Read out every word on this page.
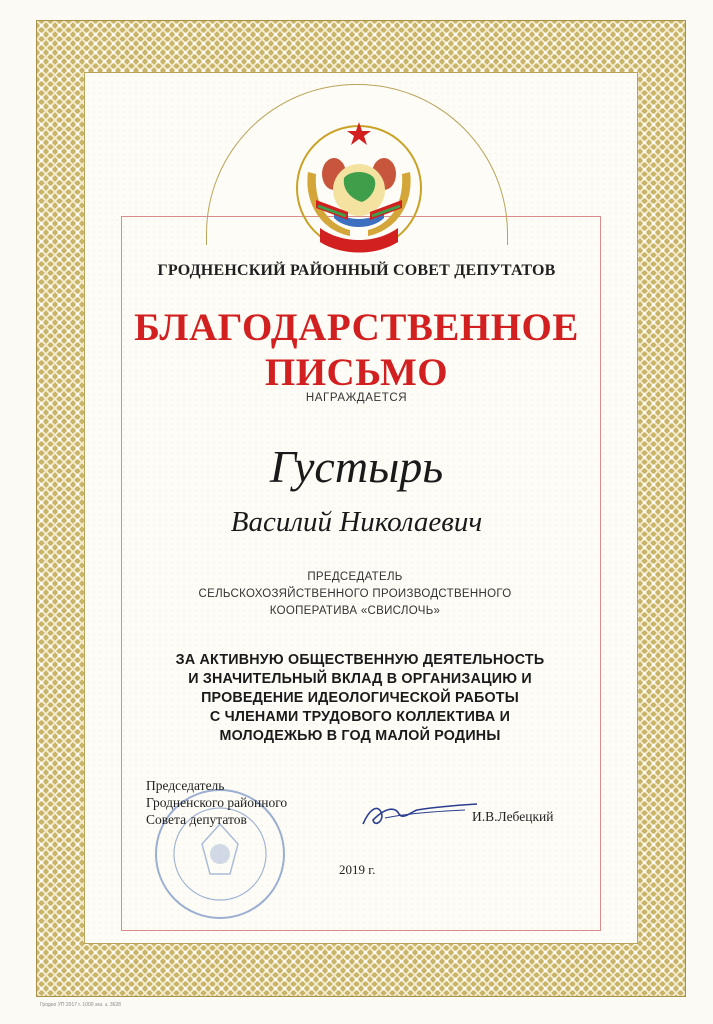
ГРОДНЕНСКИЙ РАЙОННЫЙ СОВЕТ ДЕПУТАТОВ
БЛАГОДАРСТВЕННОЕ
ПИСЬМО
НАГРАЖДАЕТСЯ
Густырь
Василий Николаевич
ПРЕДСЕДАТЕЛЬ
СЕЛЬСКОХОЗЯЙСТВЕННОГО ПРОИЗВОДСТВЕННОГО
КООПЕРАТИВА «СВИСЛОЧЬ»
ЗА АКТИВНУЮ ОБЩЕСТВЕННУЮ ДЕЯТЕЛЬНОСТЬ
И ЗНАЧИТЕЛЬНЫЙ ВКЛАД В ОРГАНИЗАЦИЮ И
ПРОВЕДЕНИЕ ИДЕОЛОГИЧЕСКОЙ РАБОТЫ
С ЧЛЕНАМИ ТРУДОВОГО КОЛЛЕКТИВА И
МОЛОДЕЖЬЮ В ГОД МАЛОЙ РОДИНЫ
Председатель
Гродненского районного
Совета депутатов	И.В.Лебецкий
2019 г.
Гродно УП 2017 г. 1000 экз. з. 3628
